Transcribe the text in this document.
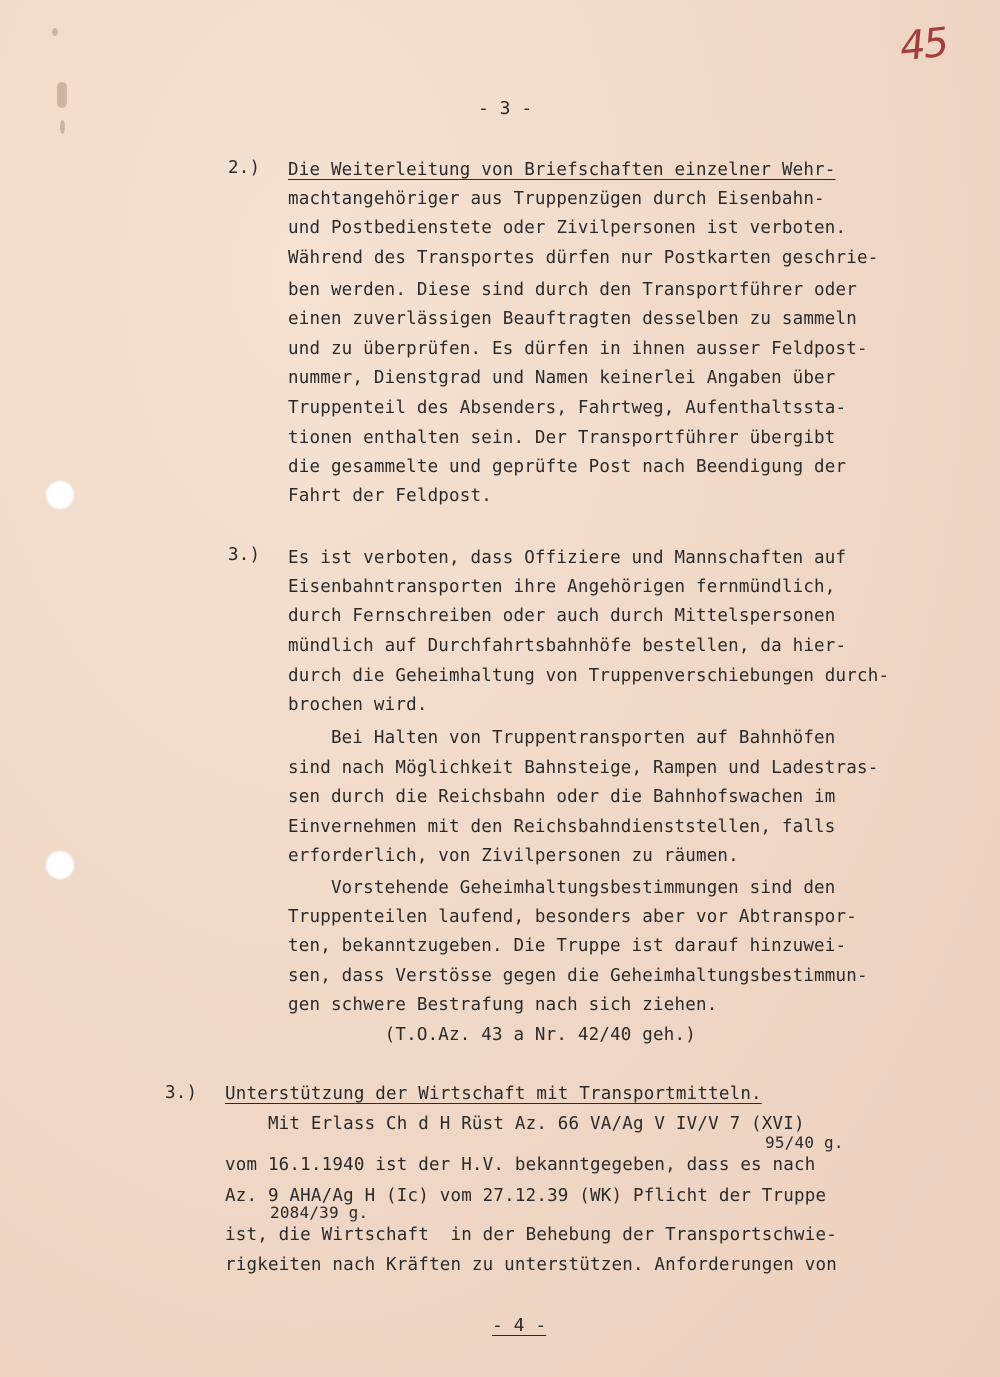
45
- 3 -
2.) Die Weiterleitung von Briefschaften einzelner Wehr-
machtangehöriger aus Truppenzügen durch Eisenbahn-
und Postbedienstete oder Zivilpersonen ist verboten.
Während des Transportes dürfen nur Postkarten geschrie-
ben werden. Diese sind durch den Transportführer oder
einen zuverlässigen Beauftragten desselben zu sammeln
und zu überprüfen. Es dürfen in ihnen ausser Feldpost-
nummer, Dienstgrad und Namen keinerlei Angaben über
Truppenteil des Absenders, Fahrtweg, Aufenthaltssta-
tionen enthalten sein. Der Transportführer übergibt
die gesammelte und geprüfte Post nach Beendigung der
Fahrt der Feldpost.
3.) Es ist verboten, dass Offiziere und Mannschaften auf
Eisenbahntransporten ihre Angehörigen fernmündlich,
durch Fernschreiben oder auch durch Mittelspersonen
mündlich auf Durchfahrtsbahnhöfe bestellen, da hier-
durch die Geheimhaltung von Truppenverschiebungen durch-
brochen wird.
Bei Halten von Truppentransporten auf Bahnhöfen
sind nach Möglichkeit Bahnsteige, Rampen und Ladestras-
sen durch die Reichsbahn oder die Bahnhofswachen im
Einvernehmen mit den Reichsbahndienststellen, falls
erforderlich, von Zivilpersonen zu räumen.
Vorstehende Geheimhaltungsbestimmungen sind den
Truppenteilen laufend, besonders aber vor Abtranspor-
ten, bekanntzugeben. Die Truppe ist darauf hinzuwei-
sen, dass Verstösse gegen die Geheimhaltungsbestimmun-
gen schwere Bestrafung nach sich ziehen.
(T.O.Az. 43 a Nr. 42/40 geh.)
3.) Unterstützung der Wirtschaft mit Transportmitteln.
Mit Erlass Ch d H Rüst Az. 66 VA/Ag V IV/V 7 (XVI)
95/40 g.
vom 16.1.1940 ist der H.V. bekanntgegeben, dass es nach
Az. 9 AHA/Ag H (Ic) vom 27.12.39 (WK) Pflicht der Truppe
2084/39 g.
ist, die Wirtschaft  in der Behebung der Transportschwie-
rigkeiten nach Kräften zu unterstützen. Anforderungen von
- 4 -
